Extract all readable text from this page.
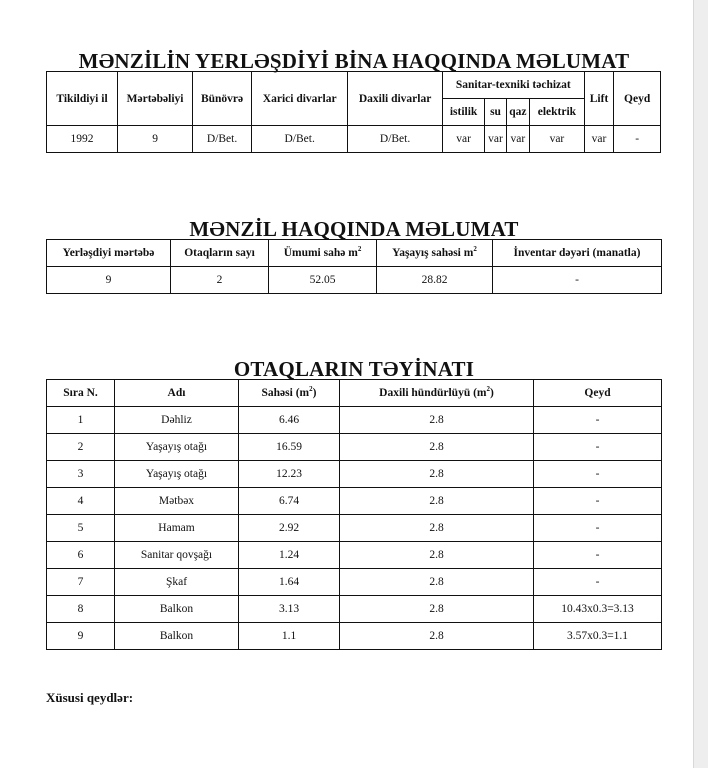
MƏNZİLİN YERLƏŞDİYİ BİNA HAQQINDA MƏLUMAT
Tikildiyi il	Mərtəbəliyi	Bünövrə	Xarici divarlar	Daxili divarlar	Sanitar-texniki təchizat				Lift	Qeyd
					istilik	su	qaz	elektrik		
1992	9	D/Bet.	D/Bet.	D/Bet.	var	var	var	var	var	-
MƏNZİL HAQQINDA MƏLUMAT
Yerləşdiyi mərtəbə	Otaqların sayı	Ümumi sahə $m^2$	Yaşayış sahəsi $m^2$	İnventar dəyəri (manatla)
9	2	52.05	28.82	-
OTAQLARIN TƏYİNATI
Sıra N.	Adı	Sahəsi $(m^2)$	Daxili hündürlüyü $(m^2)$	Qeyd
1	Dəhliz	6.46	2.8	-
2	Yaşayış otağı	16.59	2.8	-
3	Yaşayış otağı	12.23	2.8	-
4	Mətbəx	6.74	2.8	-
5	Hamam	2.92	2.8	-
6	Sanitar qovşağı	1.24	2.8	-
7	Şkaf	1.64	2.8	-
8	Balkon	3.13	2.8	10.43x0.3=3.13
9	Balkon	1.1	2.8	3.57x0.3=1.1
Xüsusi qeydlər:
